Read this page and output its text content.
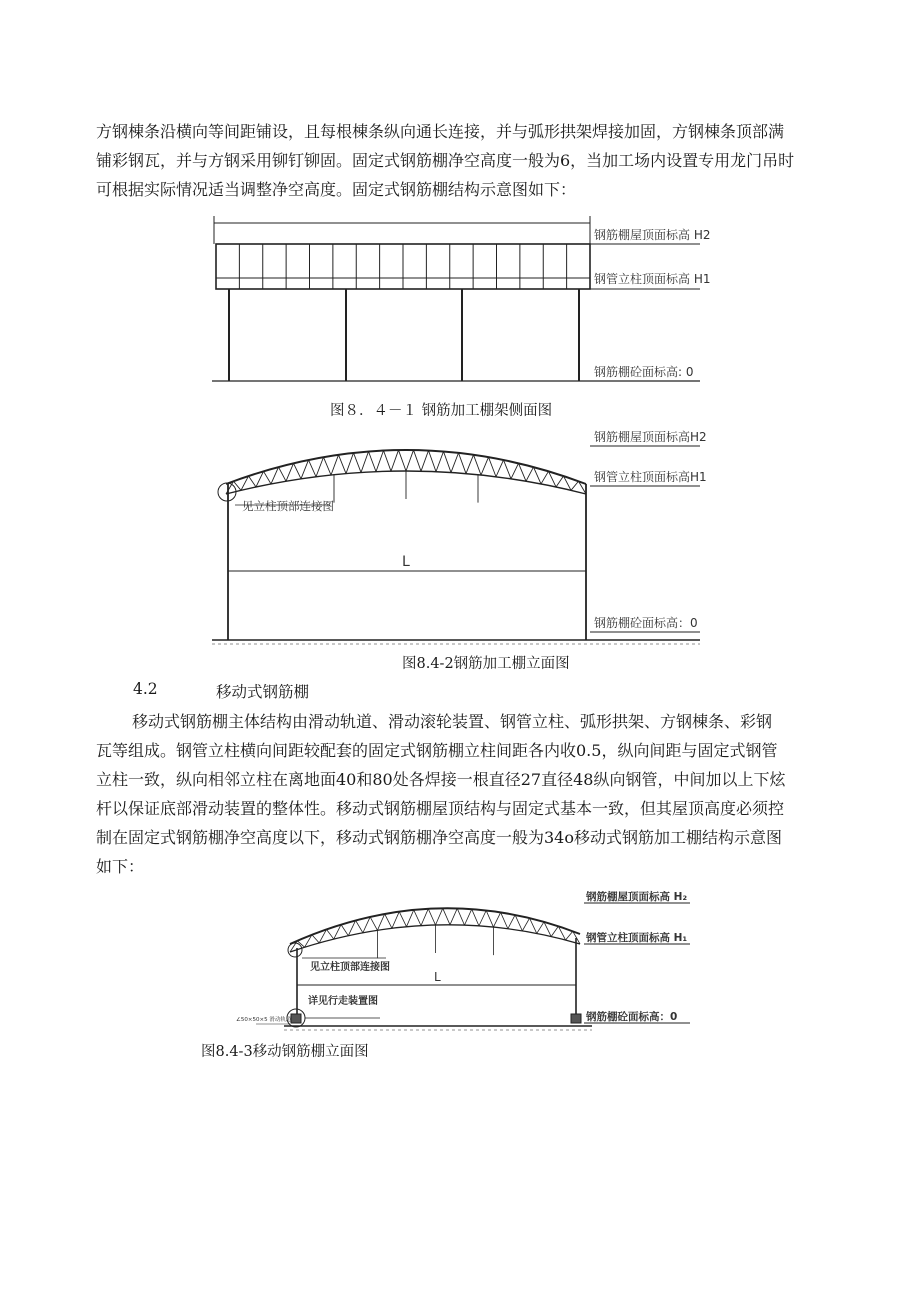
方钢棟条沿横向等间距铺设，且每根棟条纵向通长连接，并与弧形拱架焊接加固，方钢棟条顶部满
铺彩钢瓦，并与方钢采用铆钉铆固。固定式钢筋棚净空高度一般为6，当加工场内设置专用龙门吊时
可根据实际情况适当调整净空高度。固定式钢筋棚结构示意图如下：
钢筋棚屋顶面标高 H2
钢管立柱顶面标高 H1
钢筋棚砼面标高: 0
图８．４－１ 钢筋加工棚架侧面图
钢筋棚屋顶面标高H2
钢管立柱顶面标高H1
见立柱顶部连接图
L
钢筋棚砼面标高：0
图8.4-2钢筋加工棚立面图
4.2	移动式钢筋棚
移动式钢筋棚主体结构由滑动轨道、滑动滚轮装置、钢管立柱、弧形拱架、方钢棟条、彩钢
瓦等组成。钢管立柱横向间距较配套的固定式钢筋棚立柱间距各内收0.5，纵向间距与固定式钢管
立柱一致，纵向相邻立柱在离地面40和80处各焊接一根直径27直径48纵向钢管，中间加以上下炫
杆以保证底部滑动装置的整体性。移动式钢筋棚屋顶结构与固定式基本一致，但其屋顶高度必须控
制在固定式钢筋棚净空高度以下，移动式钢筋棚净空高度一般为34o移动式钢筋加工棚结构示意图
如下：
钢筋棚屋顶面标高 H₂
钢管立柱顶面标高 H₁
见立柱顶部连接图
L
详见行走装置图
∠50×50×5 滑动轨道	钢筋棚砼面标高：0
图8.4-3移动钢筋棚立面图
